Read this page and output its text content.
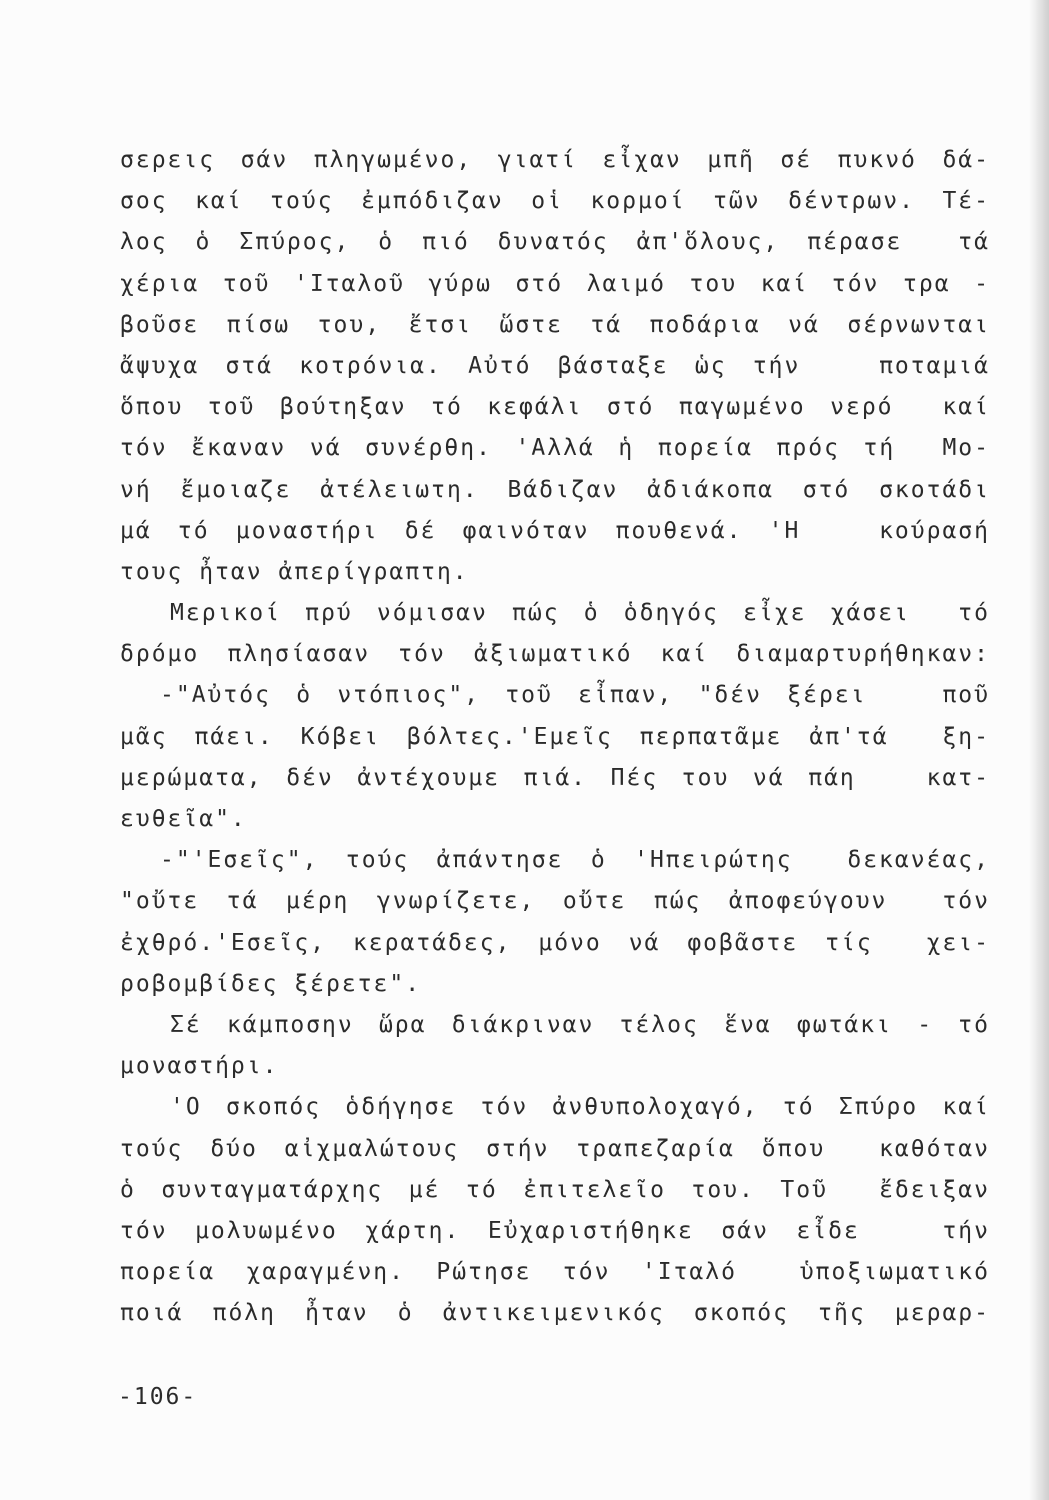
σερεις σάν πληγωμένο, γιατί εἶχαν μπῆ σέ πυκνό δά-
σος καί τούς ἐμπόδιζαν οἱ κορμοί τῶν δέντρων. Τέ-
λος ὁ Σπύρος, ὁ πιό δυνατός ἀπ'ὅλους, πέρασε  τά
χέρια τοῦ 'Ιταλοῦ γύρω στό λαιμό του καί τόν τρα -
βοῦσε πίσω του, ἔτσι ὥστε τά ποδάρια νά σέρνωνται
ἄψυχα στά κοτρόνια. Αὐτό βάσταξε ὡς τήν   ποταμιά
ὅπου τοῦ βούτηξαν τό κεφάλι στό παγωμένο νερό  καί
τόν ἔκαναν νά συνέρθη. 'Αλλά ἡ πορεία πρός τή  Μο-
νή ἔμοιαζε ἀτέλειωτη. Βάδιζαν ἀδιάκοπα στό σκοτάδι
μά τό μοναστήρι δέ φαινόταν πουθενά. 'Η   κούρασή
τους ἦταν ἀπερίγραπτη.
Μερικοί πρύ νόμισαν πώς ὁ ὁδηγός εἶχε χάσει  τό
δρόμο πλησίασαν τόν ἀξιωματικό καί διαμαρτυρήθηκαν:
-"Αὐτός ὁ ντόπιος", τοῦ εἶπαν, "δέν ξέρει   ποῦ
μᾶς πάει. Κόβει βόλτες.'Εμεῖς περπατᾶμε ἀπ'τά  ξη-
μερώματα, δέν ἀντέχουμε πιά. Πές του νά πάη   κατ-
ευθεῖα".
-"'Εσεῖς", τούς ἀπάντησε ὁ 'Ηπειρώτης  δεκανέας,
"οὔτε τά μέρη γνωρίζετε, οὔτε πώς ἀποφεύγουν  τόν
ἐχθρό.'Εσεῖς, κερατάδες, μόνο νά φοβᾶστε τίς  χει-
ροβομβίδες ξέρετε".
Σέ κάμποσην ὥρα διάκριναν τέλος ἕνα φωτάκι - τό
μοναστήρι.
'Ο σκοπός ὁδήγησε τόν ἀνθυπολοχαγό, τό Σπύρο καί
τούς δύο αἰχμαλώτους στήν τραπεζαρία ὅπου  καθόταν
ὁ συνταγματάρχης μέ τό ἐπιτελεῖο του. Τοῦ  ἔδειξαν
τόν μολυωμένο χάρτη. Εὐχαριστήθηκε σάν εἶδε   τήν
πορεία χαραγμένη. Ρώτησε τόν 'Ιταλό  ὑποξιωματικό
ποιά πόλη ἦταν ὁ ἀντικειμενικός σκοπός τῆς μεραρ-
-106-
